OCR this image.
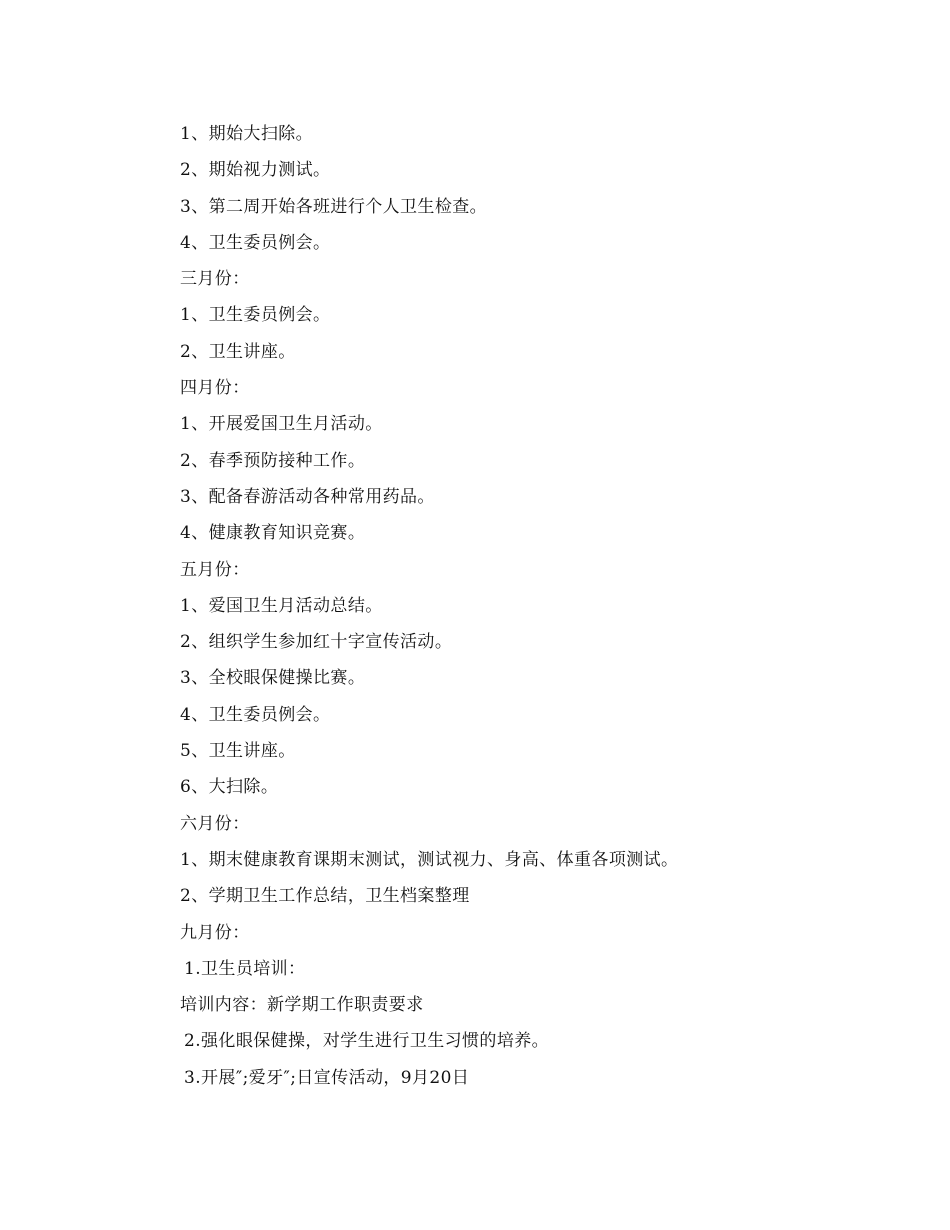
1、期始大扫除。
2、期始视力测试。
3、第二周开始各班进行个人卫生检查。
4、卫生委员例会。
三月份：
1、卫生委员例会。
2、卫生讲座。
四月份：
1、开展爱国卫生月活动。
2、春季预防接种工作。
3、配备春游活动各种常用药品。
4、健康教育知识竞赛。
五月份：
1、爱国卫生月活动总结。
2、组织学生参加红十字宣传活动。
3、全校眼保健操比赛。
4、卫生委员例会。
5、卫生讲座。
6、大扫除。
六月份：
1、期末健康教育课期末测试，测试视力、身高、体重各项测试。
2、学期卫生工作总结，卫生档案整理
九月份：
1.卫生员培训：
培训内容：新学期工作职责要求
2.强化眼保健操，对学生进行卫生习惯的培养。
3.开展″;爱牙″;日宣传活动，9月20日
